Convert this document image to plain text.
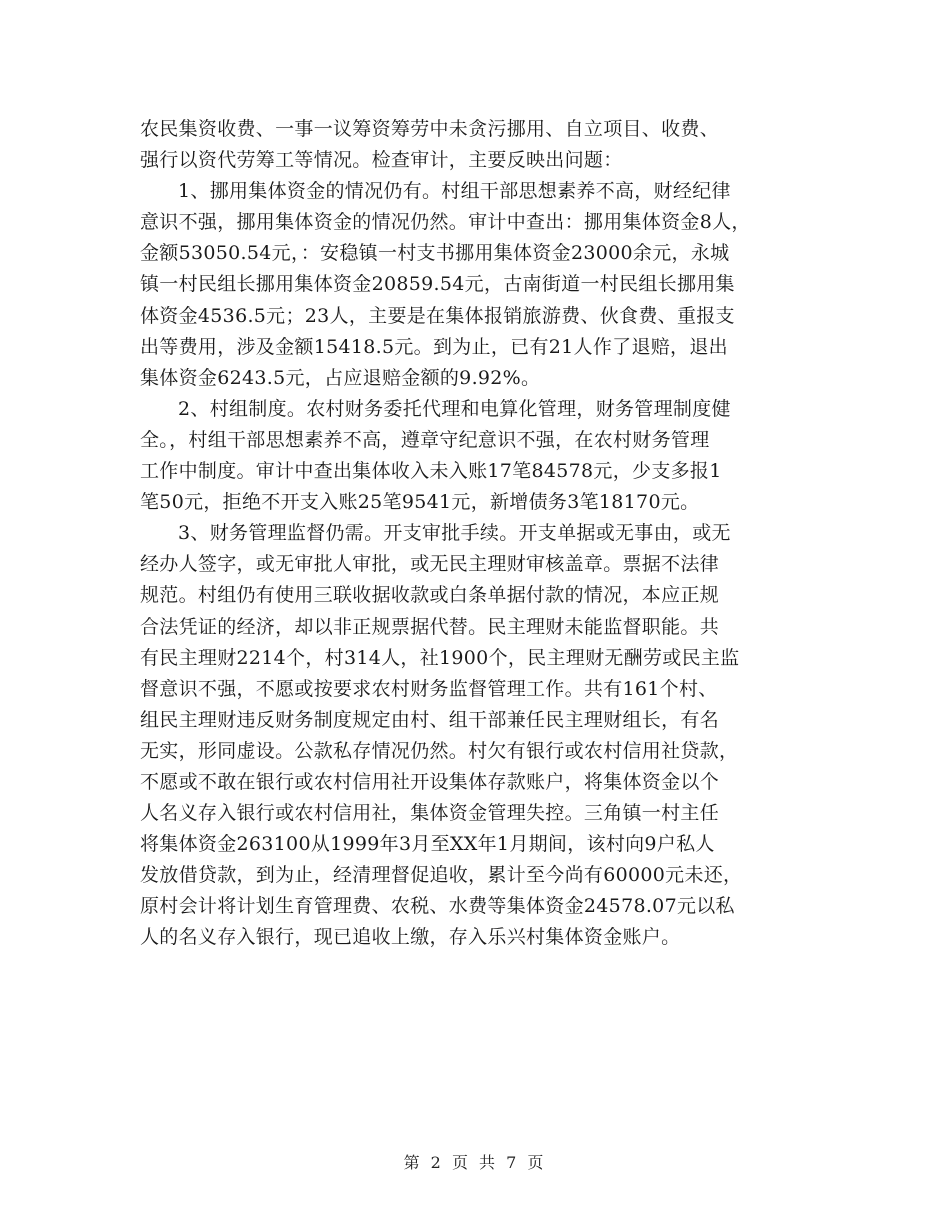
农民集资收费、一事一议筹资筹劳中未贪污挪用、自立项目、收费、
强行以资代劳筹工等情况。检查审计，主要反映出问题：
1、挪用集体资金的情况仍有。村组干部思想素养不高，财经纪律
意识不强，挪用集体资金的情况仍然。审计中查出：挪用集体资金8人，
金额53050.54元，：安稳镇一村支书挪用集体资金23000余元，永城
镇一村民组长挪用集体资金20859.54元，古南街道一村民组长挪用集
体资金4536.5元；23人，主要是在集体报销旅游费、伙食费、重报支
出等费用，涉及金额15418.5元。到为止，已有21人作了退赔，退出
集体资金6243.5元，占应退赔金额的9.92%。
2、村组制度。农村财务委托代理和电算化管理，财务管理制度健
全。，村组干部思想素养不高，遵章守纪意识不强，在农村财务管理
工作中制度。审计中查出集体收入未入账17笔84578元，少支多报1
笔50元，拒绝不开支入账25笔9541元，新增债务3笔18170元。
3、财务管理监督仍需。开支审批手续。开支单据或无事由，或无
经办人签字，或无审批人审批，或无民主理财审核盖章。票据不法律
规范。村组仍有使用三联收据收款或白条单据付款的情况，本应正规
合法凭证的经济，却以非正规票据代替。民主理财未能监督职能。共
有民主理财2214个，村314人，社1900个，民主理财无酬劳或民主监
督意识不强，不愿或按要求农村财务监督管理工作。共有161个村、
组民主理财违反财务制度规定由村、组干部兼任民主理财组长，有名
无实，形同虚设。公款私存情况仍然。村欠有银行或农村信用社贷款，
不愿或不敢在银行或农村信用社开设集体存款账户，将集体资金以个
人名义存入银行或农村信用社，集体资金管理失控。三角镇一村主任
将集体资金263100从1999年3月至XX年1月期间，该村向9户私人
发放借贷款，到为止，经清理督促追收，累计至今尚有60000元未还，
原村会计将计划生育管理费、农税、水费等集体资金24578.07元以私
人的名义存入银行，现已追收上缴，存入乐兴村集体资金账户。
第 2 页 共 7 页
